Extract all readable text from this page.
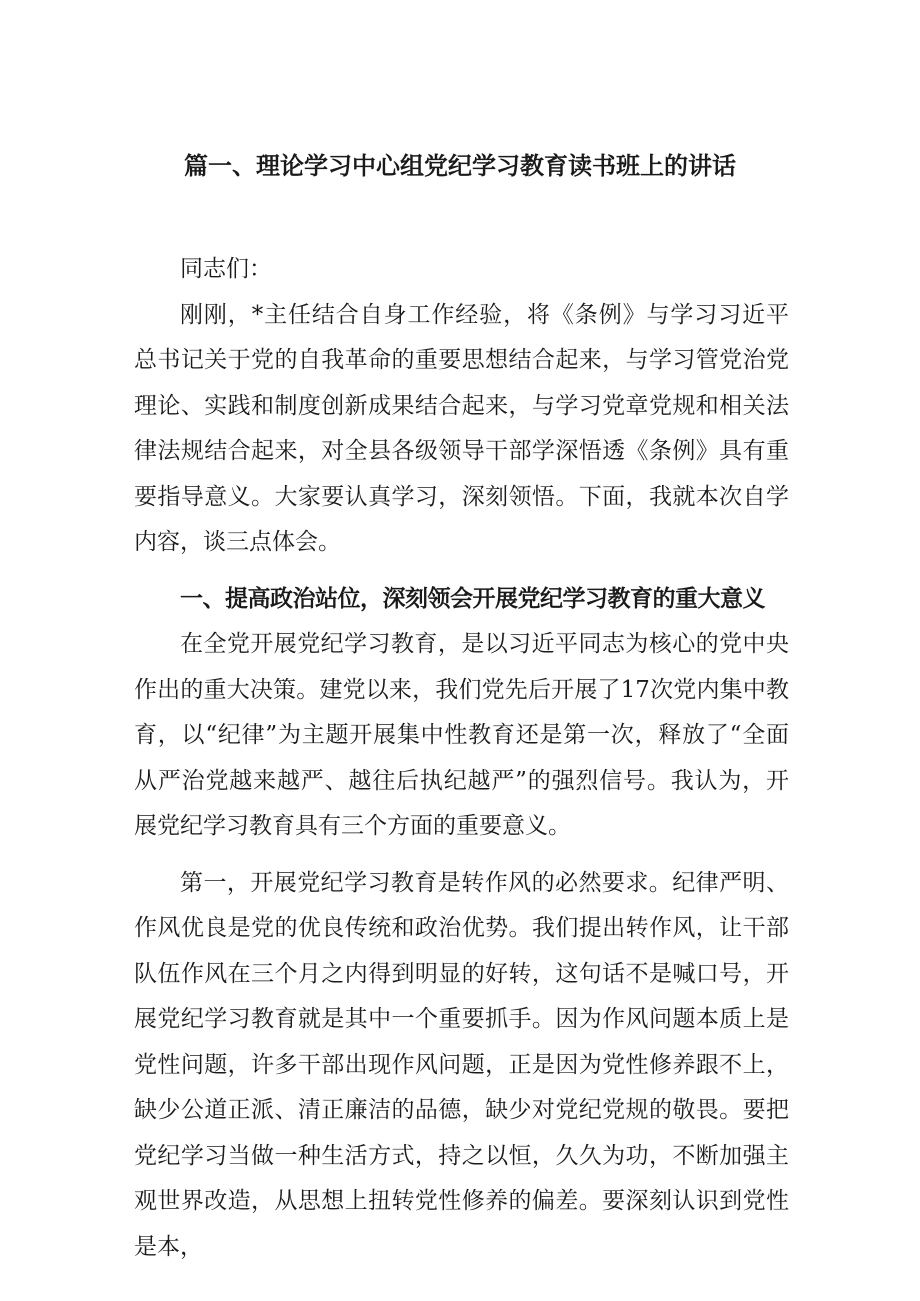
篇一、理论学习中心组党纪学习教育读书班上的讲话

同志们：

刚刚，*主任结合自身工作经验，将《条例》与学习习近平总书记关于党的自我革命的重要思想结合起来，与学习管党治党理论、实践和制度创新成果结合起来，与学习党章党规和相关法律法规结合起来，对全县各级领导干部学深悟透《条例》具有重要指导意义。大家要认真学习，深刻领悟。下面，我就本次自学内容，谈三点体会。

一、提高政治站位，深刻领会开展党纪学习教育的重大意义

在全党开展党纪学习教育，是以习近平同志为核心的党中央作出的重大决策。建党以来，我们党先后开展了17次党内集中教育，以“纪律”为主题开展集中性教育还是第一次，释放了“全面从严治党越来越严、越往后执纪越严”的强烈信号。我认为，开展党纪学习教育具有三个方面的重要意义。

第一，开展党纪学习教育是转作风的必然要求。纪律严明、作风优良是党的优良传统和政治优势。我们提出转作风，让干部队伍作风在三个月之内得到明显的好转，这句话不是喊口号，开展党纪学习教育就是其中一个重要抓手。因为作风问题本质上是党性问题，许多干部出现作风问题，正是因为党性修养跟不上，缺少公道正派、清正廉洁的品德，缺少对党纪党规的敬畏。要把党纪学习当做一种生活方式，持之以恒，久久为功，不断加强主观世界改造，从思想上扭转党性修养的偏差。要深刻认识到党性是本，
